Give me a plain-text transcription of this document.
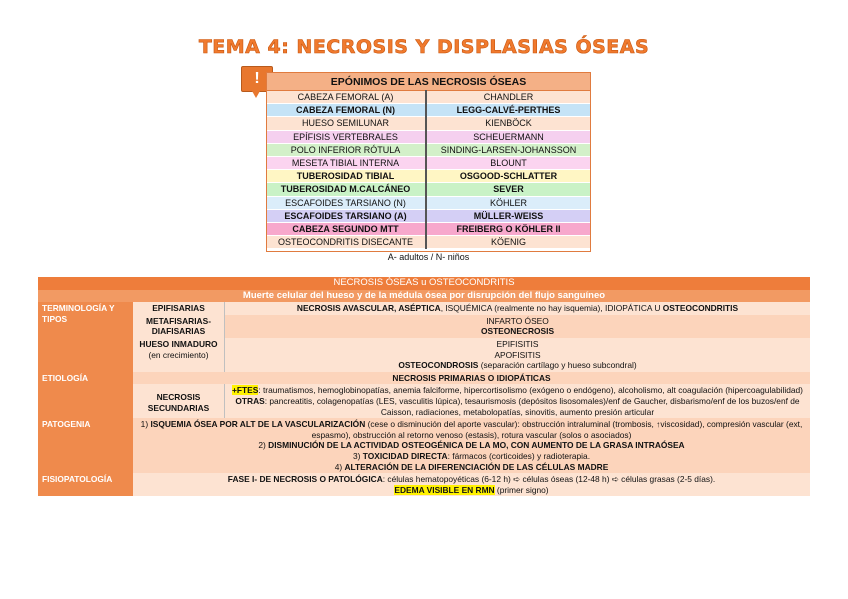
TEMA 4: NECROSIS Y DISPLASIAS ÓSEAS
!	EPÓNIMOS DE LAS NECROSIS ÓSEAS	
CABEZA FEMORAL (A)	CHANDLER
CABEZA FEMORAL (N)	LEGG-CALVÉ-PERTHES
HUESO SEMILUNAR	KIENBÖCK
EPÍFISIS VERTEBRALES	SCHEUERMANN
POLO INFERIOR RÓTULA	SINDING-LARSEN-JOHANSSON
MESETA TIBIAL INTERNA	BLOUNT
TUBEROSIDAD TIBIAL	OSGOOD-SCHLATTER
TUBEROSIDAD M.CALCÁNEO	SEVER
ESCAFOIDES TARSIANO (N)	KÖHLER
ESCAFOIDES TARSIANO (A)	MÜLLER-WEISS
CABEZA SEGUNDO MTT	FREIBERG O KÖHLER II
OSTEOCONDRITIS DISECANTE	KÖENIG
A- adultos / N- niños
NECROSIS ÓSEAS u OSTEOCONDRITIS		
Muerte celular del hueso y de la médula ósea por disrupción del flujo sanguíneo		
TERMINOLOGÍA Y TIPOS	EPIFISARIAS	NECROSIS AVASCULAR, ASÉPTICA, ISQUÉMICA (realmente no hay isquemia), IDIOPÁTICA U OSTEOCONDRITIS
	METAFISARIAS-DIAFISARIAS	INFARTO ÓSEO
OSTEONECROSIS

	HUESO INMADURO (en crecimiento)	EPIFISITIS
APOFISITIS
OSTEOCONDROSIS (separación cartílago y hueso subcondral)

ETIOLOGÍA	NECROSIS PRIMARIAS O IDIOPÁTICAS	
	NECROSIS SECUNDARIAS	+FTES: traumatismos, hemoglobinopatías, anemia falciforme, hipercortisolismo (exógeno o endógeno), alcoholismo, alt coagulación (hipercoagulabilidad)
OTRAS: pancreatitis, colagenopatías (LES, vasculitis lúpica), tesaurismosis (depósitos lisosomales)/enf de Gaucher, disbarismo/enf de los buzos/enf de Caisson, radiaciones, metabolopatías, sinovitis, aumento presión articular

PATOGENIA	1) ISQUEMIA ÓSEA POR ALT DE LA VASCULARIZACIÓN (cese o disminución del aporte vascular): obstrucción intraluminal (trombosis, ↑viscosidad), compresión vascular (ext, espasmo), obstrucción al retorno venoso (estasis), rotura vascular (solos o asociados)
2) DISMINUCIÓN DE LA ACTIVIDAD OSTEOGÉNICA DE LA MO, CON AUMENTO DE LA GRASA INTRAÓSEA
3) TOXICIDAD DIRECTA: fármacos (corticoides) y radioterapia.
4) ALTERACIÓN DE LA DIFERENCIACIÓN DE LAS CÉLULAS MADRE	

FISIOPATOLOGÍA	FASE I- DE NECROSIS O PATOLÓGICA: células hematopoyéticas (6-12 h) ➪ células óseas (12-48 h) ➪ células grasas (2-5 días).
EDEMA VISIBLE EN RMN (primer signo)	
